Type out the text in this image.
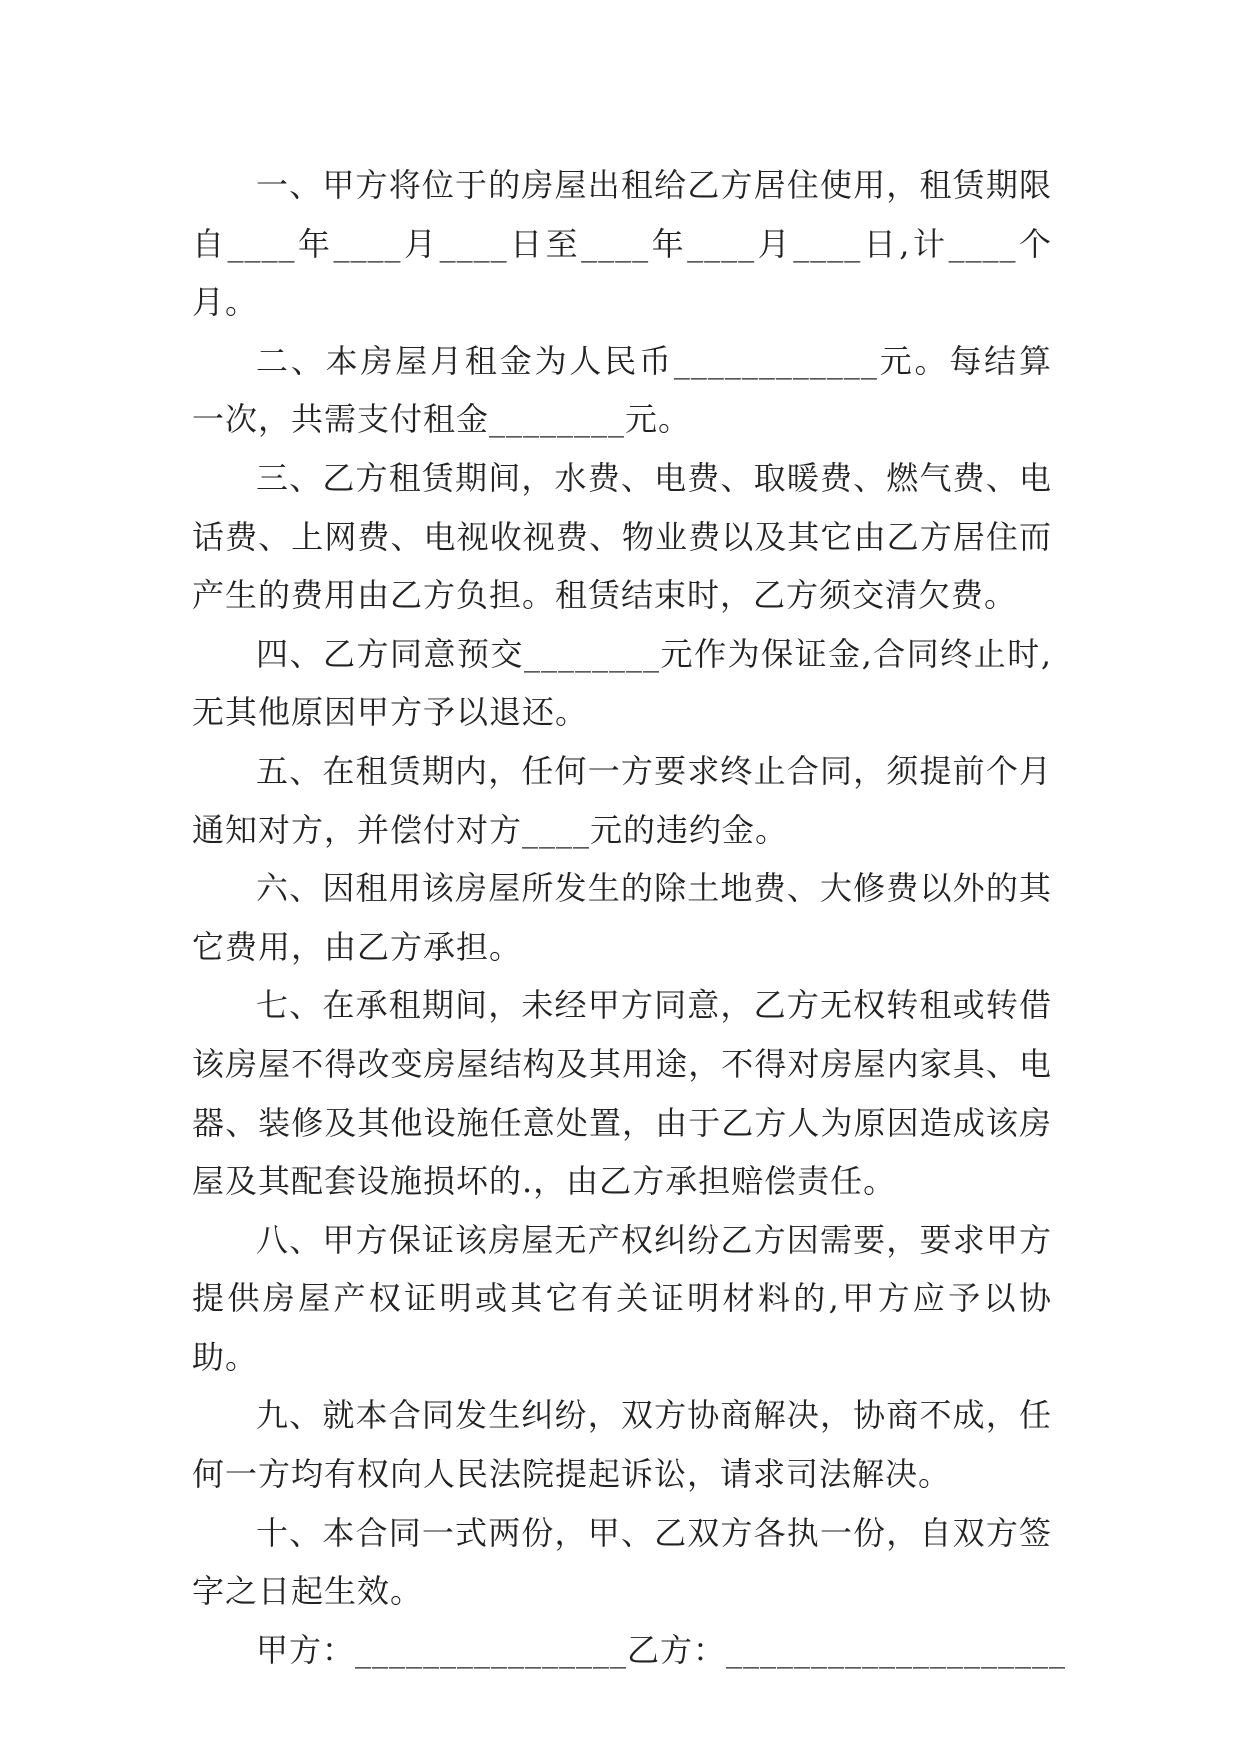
一、甲方将位于的房屋出租给乙方居住使用，租赁期限自____年____月____日至____年____月____日,计____个月。

二、本房屋月租金为人民币____________元。每结算一次，共需支付租金________元。

三、乙方租赁期间，水费、电费、取暖费、燃气费、电话费、上网费、电视收视费、物业费以及其它由乙方居住而产生的费用由乙方负担。租赁结束时，乙方须交清欠费。

四、乙方同意预交________元作为保证金,合同终止时,无其他原因甲方予以退还。

五、在租赁期内，任何一方要求终止合同，须提前个月通知对方，并偿付对方____元的违约金。

六、因租用该房屋所发生的除土地费、大修费以外的其它费用，由乙方承担。

七、在承租期间，未经甲方同意，乙方无权转租或转借该房屋不得改变房屋结构及其用途，不得对房屋内家具、电器、装修及其他设施任意处置，由于乙方人为原因造成该房屋及其配套设施损坏的.，由乙方承担赔偿责任。

八、甲方保证该房屋无产权纠纷乙方因需要，要求甲方提供房屋产权证明或其它有关证明材料的,甲方应予以协助。

九、就本合同发生纠纷，双方协商解决，协商不成，任何一方均有权向人民法院提起诉讼，请求司法解决。

十、本合同一式两份，甲、乙双方各执一份，自双方签字之日起生效。

甲方：________________乙方：____________________
